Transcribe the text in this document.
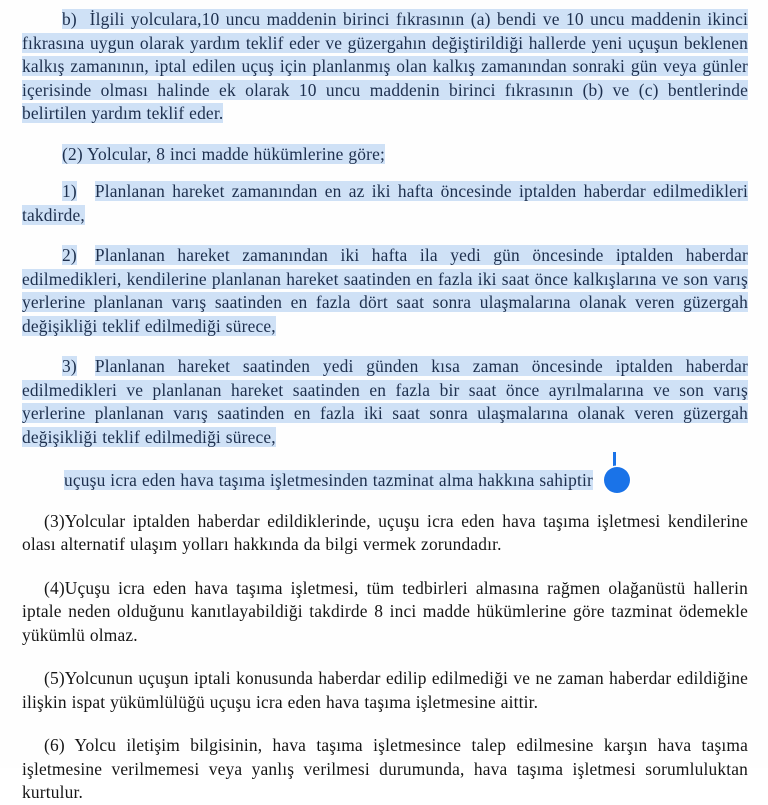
b) İlgili yolculara,10 uncu maddenin birinci fıkrasının (a) bendi ve 10 uncu maddenin ikinci fıkrasına uygun olarak yardım teklif eder ve güzergahın değiştirildiği hallerde yeni uçuşun beklenen kalkış zamanının, iptal edilen uçuş için planlanmış olan kalkış zamanından sonraki gün veya günler içerisinde olması halinde ek olarak 10 uncu maddenin birinci fıkrasının (b) ve (c) bentlerinde belirtilen yardım teklif eder.

(2) Yolcular, 8 inci madde hükümlerine göre;

1) Planlanan hareket zamanından en az iki hafta öncesinde iptalden haberdar edilmedikleri takdirde,

2) Planlanan hareket zamanından iki hafta ila yedi gün öncesinde iptalden haberdar edilmedikleri, kendilerine planlanan hareket saatinden en fazla iki saat önce kalkışlarına ve son varış yerlerine planlanan varış saatinden en fazla dört saat sonra ulaşmalarına olanak veren güzergah değişikliği teklif edilmediği sürece,

3) Planlanan hareket saatinden yedi günden kısa zaman öncesinde iptalden haberdar edilmedikleri ve planlanan hareket saatinden en fazla bir saat önce ayrılmalarına ve son varış yerlerine planlanan varış saatinden en fazla iki saat sonra ulaşmalarına olanak veren güzergah değişikliği teklif edilmediği sürece,

uçuşu icra eden hava taşıma işletmesinden tazminat alma hakkına sahiptir

(3)Yolcular iptalden haberdar edildiklerinde, uçuşu icra eden hava taşıma işletmesi kendilerine olası alternatif ulaşım yolları hakkında da bilgi vermek zorundadır.

(4)Uçuşu icra eden hava taşıma işletmesi, tüm tedbirleri almasına rağmen olağanüstü hallerin iptale neden olduğunu kanıtlayabildiği takdirde 8 inci madde hükümlerine göre tazminat ödemekle yükümlü olmaz.

(5)Yolcunun uçuşun iptali konusunda haberdar edilip edilmediği ve ne zaman haberdar edildiğine ilişkin ispat yükümlülüğü uçuşu icra eden hava taşıma işletmesine aittir.

(6) Yolcu iletişim bilgisinin, hava taşıma işletmesince talep edilmesine karşın hava taşıma işletmesine verilmemesi veya yanlış verilmesi durumunda, hava taşıma işletmesi sorumluluktan kurtulur.
